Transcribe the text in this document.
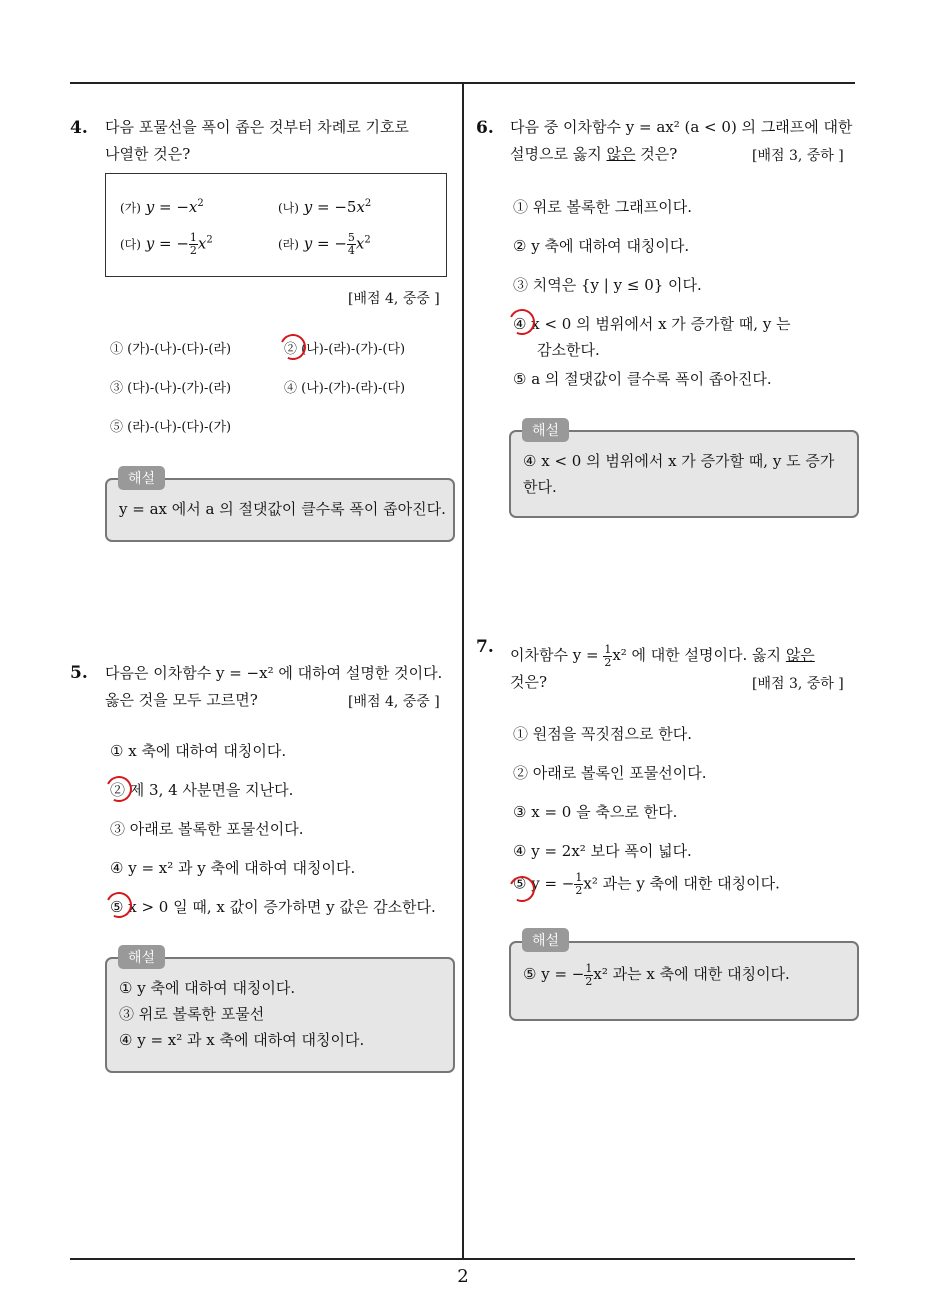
2
4. 다음 포물선을 폭이 좁은 것부터 차례로 기호로
나열한 것은?
(가) $y = -x^2$	(나) $y = -5x^2$
(다) y = − $\frac{1}{2} x^2$	(라) y = − $\frac{5}{4} x^2$
[배점 4, 중중 ]
① (가)-(나)-(다)-(라)	② (나)-(라)-(가)-(다)
③ (다)-(나)-(가)-(라)	④ (나)-(가)-(라)-(다)
⑤ (라)-(나)-(다)-(가)
y = ax 에서 a 의 절댓값이 클수록 폭이 좁아진다.
해설
5. 다음은 이차함수 y = −x² 에 대하여 설명한 것이다.
옳은 것을 모두 고르면?	[배점 4, 중중 ]
① x 축에 대하여 대칭이다.
② 제 3, 4 사분면을 지난다.
③ 아래로 볼록한 포물선이다.
④ y = x² 과 y 축에 대하여 대칭이다.
⑤ x > 0 일 때, x 값이 증가하면 y 값은 감소한다.
① y 축에 대하여 대칭이다.
③ 위로 볼록한 포물선
④ y = x² 과 x 축에 대하여 대칭이다.
해설
6. 다음 중 이차함수 y = ax² (a < 0) 의 그래프에 대한
설명으로 옳지 않은 것은?	[배점 3, 중하 ]
① 위로 볼록한 그래프이다.
② y 축에 대하여 대칭이다.
③ 치역은 {y | y ≤ 0} 이다.
④ x < 0 의 범위에서 x 가 증가할 때, y 는
감소한다.
⑤ a 의 절댓값이 클수록 폭이 좁아진다.
④ x < 0 의 범위에서 x 가 증가할 때, y 도 증가
한다.
해설
7. 이차함수 $y = \frac{1}{2} x^2$ 에 대한 설명이다. 옳지 않은
것은?	[배점 3, 중하 ]
① 원점을 꼭짓점으로 한다.
② 아래로 볼록인 포물선이다.
③ x = 0 을 축으로 한다.
④ y = 2x² 보다 폭이 넓다.
⑤ y = − $\frac{1}{2} x^2$ 과는 y 축에 대한 대칭이다.
⑤ y = − $\frac{1}{2} x^2$ 과는 x 축에 대한 대칭이다.
해설
